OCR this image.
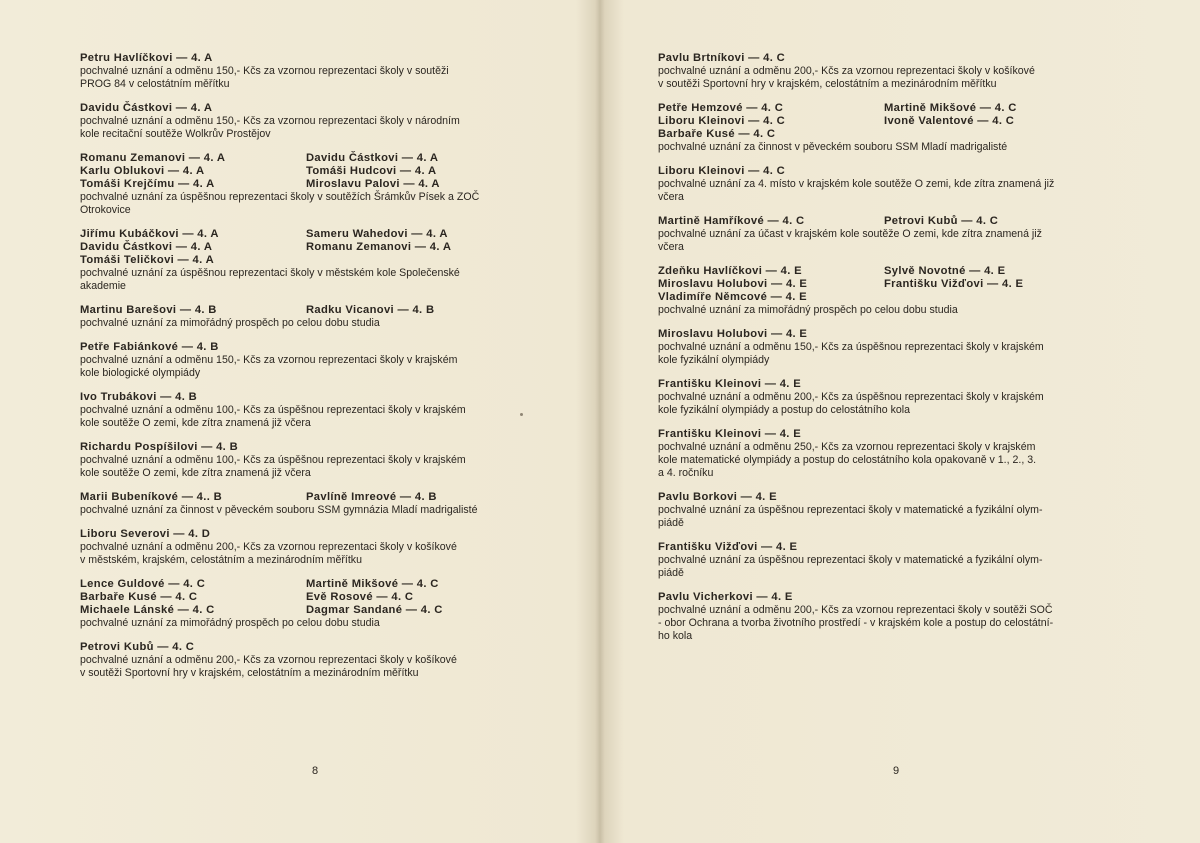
Petru Havlíčkovi — 4. A
pochvalné uznání a odměnu 150,- Kčs za vzornou reprezentaci školy v soutěži
PROG 84 v celostátním měřítku
Davidu Částkovi — 4. A
pochvalné uznání a odměnu 150,- Kčs za vzornou reprezentaci školy v národním
kole recitační soutěže Wolkrův Prostějov
Romanu Zemanovi — 4. A	Davidu Částkovi — 4. A
Karlu Oblukovi — 4. A	Tomáši Hudcovi — 4. A
Tomáši Krejčímu — 4. A	Miroslavu Palovi — 4. A
pochvalné uznání za úspěšnou reprezentaci školy v soutěžích Šrámkův Písek a ZOČ
Otrokovice
Jiřímu Kubáčkovi — 4. A	Sameru Wahedovi — 4. A
Davidu Částkovi — 4. A	Romanu Zemanovi — 4. A
Tomáši Teličkovi — 4. A
pochvalné uznání za úspěšnou reprezentaci školy v městském kole Společenské
akademie
Martinu Barešovi — 4. B	Radku Vicanovi — 4. B
pochvalné uznání za mimořádný prospěch po celou dobu studia
Petře Fabiánkové — 4. B
pochvalné uznání a odměnu 150,- Kčs za vzornou reprezentaci školy v krajském
kole biologické olympiády
Ivo Trubákovi — 4. B
pochvalné uznání a odměnu 100,- Kčs za úspěšnou reprezentaci školy v krajském
kole soutěže O zemi, kde zítra znamená již včera
Richardu Pospíšilovi — 4. B
pochvalné uznání a odměnu 100,- Kčs za úspěšnou reprezentaci školy v krajském
kole soutěže O zemi, kde zítra znamená již včera
Marii Bubeníkové — 4.. B	Pavlíně Imreové — 4. B
pochvalné uznání za činnost v pěveckém souboru SSM gymnázia Mladí madrigalisté
Liboru Severovi — 4. D
pochvalné uznání a odměnu 200,- Kčs za vzornou reprezentaci školy v košíkové
v městském, krajském, celostátním a mezinárodním měřítku
Lence Guldové — 4. C	Martině Mikšové — 4. C
Barbaře Kusé — 4. C	Evě Rosové — 4. C
Michaele Lánské — 4. C	Dagmar Sandané — 4. C
pochvalné uznání za mimořádný prospěch po celou dobu studia
Petrovi Kubů — 4. C
pochvalné uznání a odměnu 200,- Kčs za vzornou reprezentaci školy v košíkové
v soutěži Sportovní hry v krajském, celostátním a mezinárodním měřítku
Pavlu Brtníkovi — 4. C
pochvalné uznání a odměnu 200,- Kčs za vzornou reprezentaci školy v košíkové
v soutěži Sportovní hry v krajském, celostátním a mezinárodním měřítku
Petře Hemzové — 4. C	Martině Mikšové — 4. C
Liboru Kleinovi — 4. C	Ivoně Valentové — 4. C
Barbaře Kusé — 4. C
pochvalné uznání za činnost v pěveckém souboru SSM Mladí madrigalisté
Liboru Kleinovi — 4. C
pochvalné uznání za 4. místo v krajském kole soutěže O zemi, kde zítra znamená již
včera
Martině Hamříkové — 4. C	Petrovi Kubů — 4. C
pochvalné uznání za účast v krajském kole soutěže O zemi, kde zítra znamená již
včera
Zdeňku Havlíčkovi — 4. E	Sylvě Novotné — 4. E
Miroslavu Holubovi — 4. E	Františku Vižďovi — 4. E
Vladimíře Němcové — 4. E
pochvalné uznání za mimořádný prospěch po celou dobu studia
Miroslavu Holubovi — 4. E
pochvalné uznání a odměnu 150,- Kčs za úspěšnou reprezentaci školy v krajském
kole fyzikální olympiády
Františku Kleinovi — 4. E
pochvalné uznání a odměnu 200,- Kčs za úspěšnou reprezentaci školy v krajském
kole fyzikální olympiády a postup do celostátního kola
Františku Kleinovi — 4. E
pochvalné uznání a odměnu 250,- Kčs za vzornou reprezentaci školy v krajském
kole matematické olympiády a postup do celostátního kola opakovaně v 1., 2., 3.
a 4. ročníku
Pavlu Borkovi — 4. E
pochvalné uznání za úspěšnou reprezentaci školy v matematické a fyzikální olym-
piádě
Františku Vižďovi — 4. E
pochvalné uznání za úspěšnou reprezentaci školy v matematické a fyzikální olym-
piádě
Pavlu Vicherkovi — 4. E
pochvalné uznání a odměnu 200,- Kčs za vzornou reprezentaci školy v soutěži SOČ
- obor Ochrana a tvorba životního prostředí - v krajském kole a postup do celostátní-
ho kola
8	9
